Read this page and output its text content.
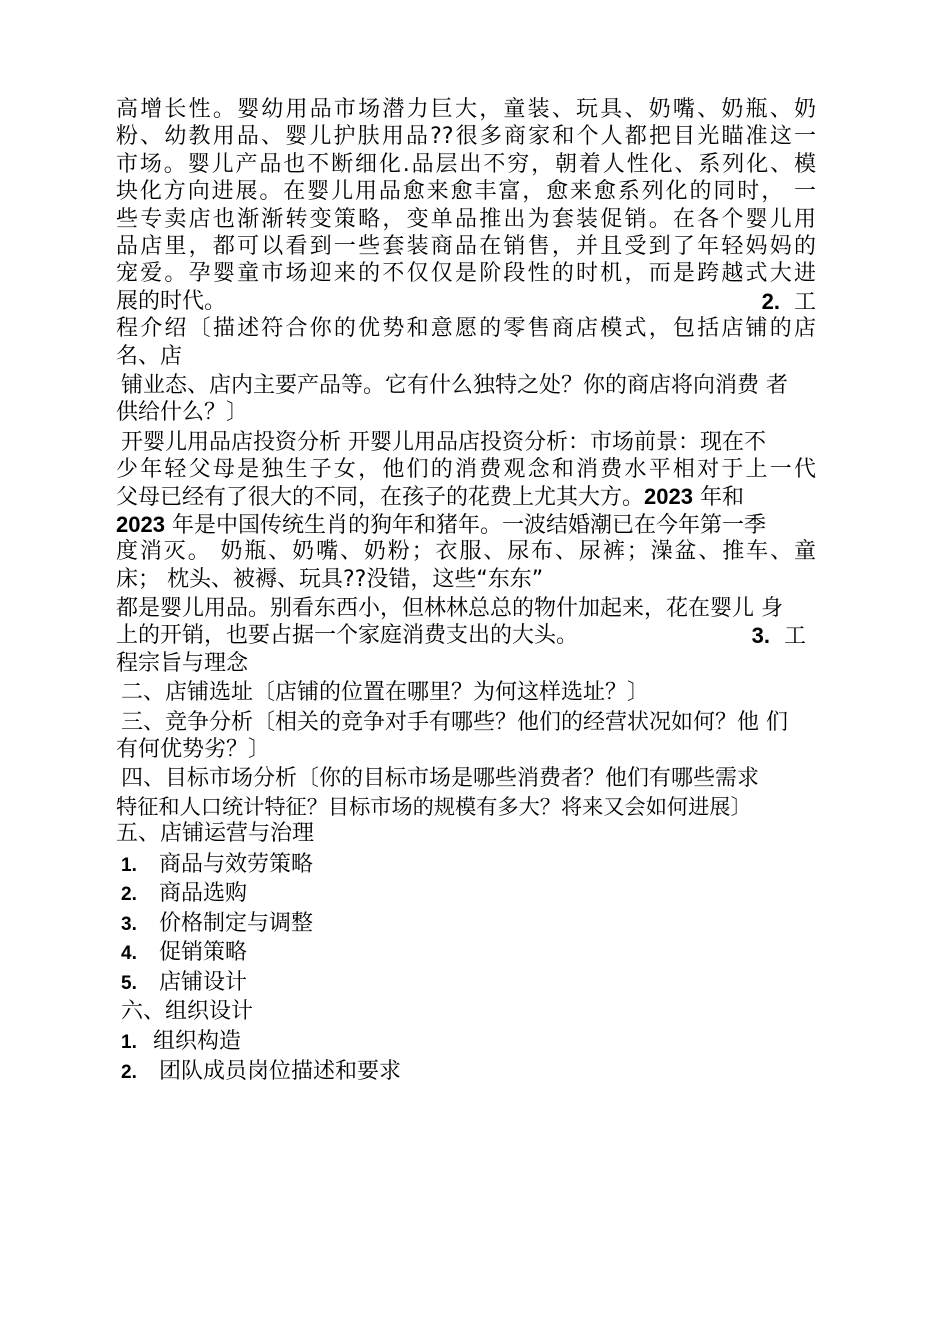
高增长性。婴幼用品市场潜力巨大，童装、玩具、奶嘴、奶瓶、奶
粉、幼教用品、婴儿护肤用品??很多商家和个人都把目光瞄准这一
市场。婴儿产品也不断细化.品层出不穷，朝着人性化、系列化、模
块化方向进展。在婴儿用品愈来愈丰富，愈来愈系列化的同时， 一
些专卖店也渐渐转变策略，变单品推出为套装促销。在各个婴儿用
品店里，都可以看到一些套装商品在销售，并且受到了年轻妈妈的
宠爱。孕婴童市场迎来的不仅仅是阶段性的时机，而是跨越式大进
展的时代。	2. 工
程介绍〔描述符合你的优势和意愿的零售商店模式，包括店铺的店
名、店
铺业态、店内主要产品等。它有什么独特之处？你的商店将向消费 者
供给什么？〕
开婴儿用品店投资分析 开婴儿用品店投资分析：市场前景：现在不
少年轻父母是独生子女，他们的消费观念和消费水平相对于上一代
父母已经有了很大的不同，在孩子的花费上尤其大方。2023 年和
2023 年是中国传统生肖的狗年和猪年。一波结婚潮已在今年第一季
度消灭。 奶瓶、奶嘴、奶粉；衣服、尿布、尿裤；澡盆、推车、童
床； 枕头、被褥、玩具??没错，这些“东东”
都是婴儿用品。别看东西小，但林林总总的物什加起来，花在婴儿 身
上的开销，也要占据一个家庭消费支出的大头。	3. 工
程宗旨与理念
二、店铺选址〔店铺的位置在哪里？为何这样选址？〕
三、竞争分析〔相关的竞争对手有哪些？他们的经营状况如何？他 们
有何优势劣？〕
四、目标市场分析〔你的目标市场是哪些消费者？他们有哪些需求
特征和人口统计特征？目标市场的规模有多大？将来又会如何进展〕
五、店铺运营与治理
1. 商品与效劳策略
2. 商品选购
3. 价格制定与调整
4. 促销策略
5. 店铺设计
六、组织设计
1. 组织构造
2. 团队成员岗位描述和要求
